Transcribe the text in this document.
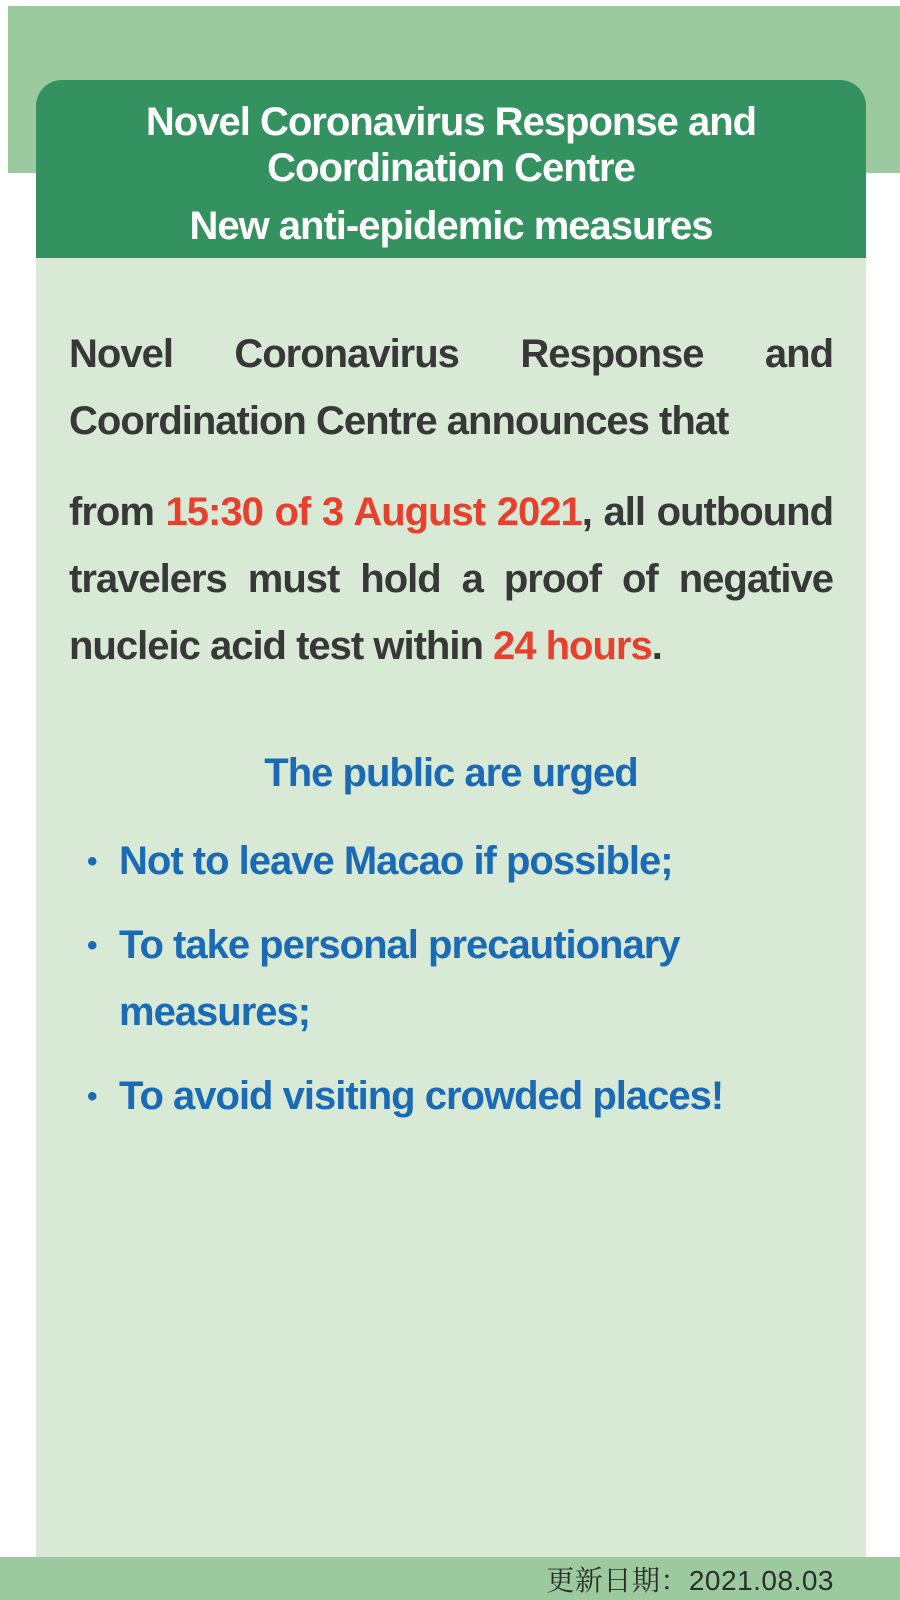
Novel Coronavirus Response and
Coordination Centre
New anti-epidemic measures

Novel Coronavirus Response and Coordination Centre announces that

from 15:30 of 3 August 2021, all outbound travelers must hold a proof of negative nucleic acid test within 24 hours.

The public are urged
• Not to leave Macao if possible;
• To take personal precautionary measures;
• To avoid visiting crowded places!
更新日期：2021.08.03
